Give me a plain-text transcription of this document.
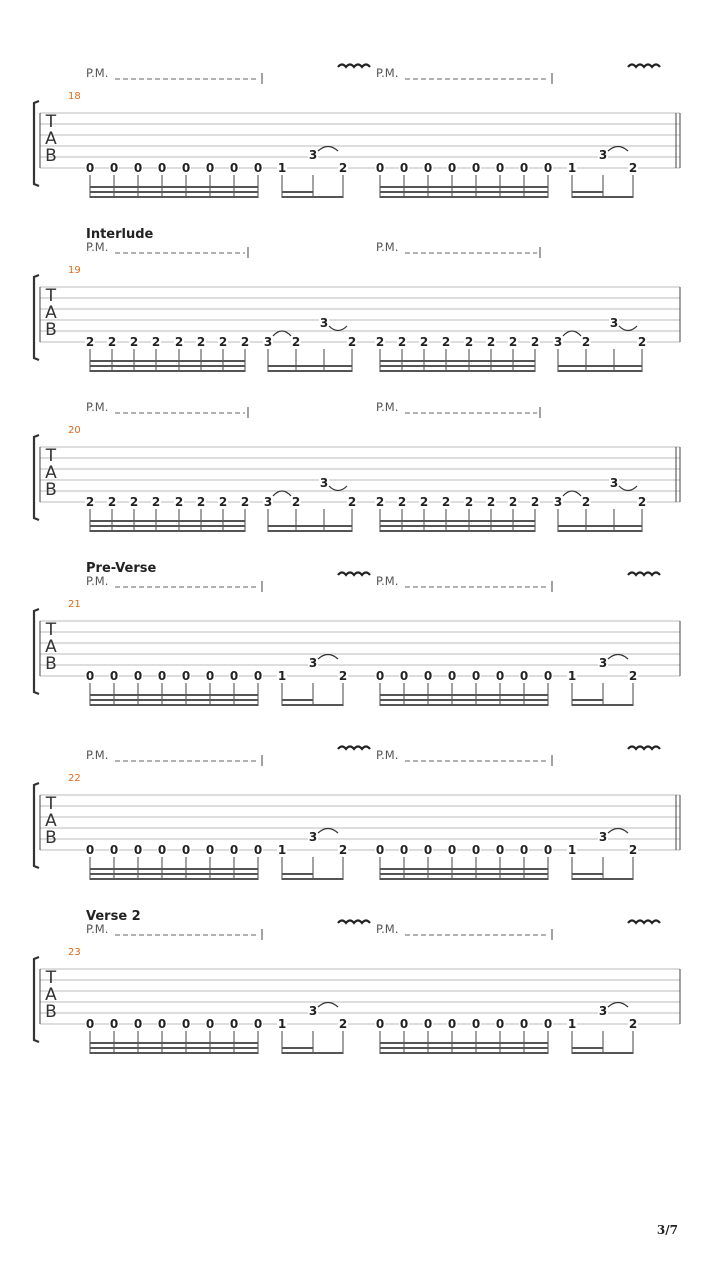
3/7
P.M.	P.M.
18
T
A
B
0 0 0 0 0 0 0 0 1
3
2 0 0 0 0 0 0 0 0 1
3
2
Interlude
P.M.	P.M.
19
T
A
B
2 2 2 2 2 2 2 2 3 2
3
2 2 2 2 2 2 2 2 2 3 2
3
2
P.M.	P.M.
20
T
A
B
2 2 2 2 2 2 2 2 3 2
3
2 2 2 2 2 2 2 2 2 3 2
3
2
Pre-Verse
P.M.	P.M.
21
T
A
B
0 0 0 0 0 0 0 0 1
3
2 0 0 0 0 0 0 0 0 1
3
2
P.M.	P.M.
22
T
A
B
0 0 0 0 0 0 0 0 1
3
2 0 0 0 0 0 0 0 0 1
3
2
Verse 2
P.M.	P.M.
23
T
A
B
0 0 0 0 0 0 0 0 1
3
2 0 0 0 0 0 0 0 0 1
3
2
